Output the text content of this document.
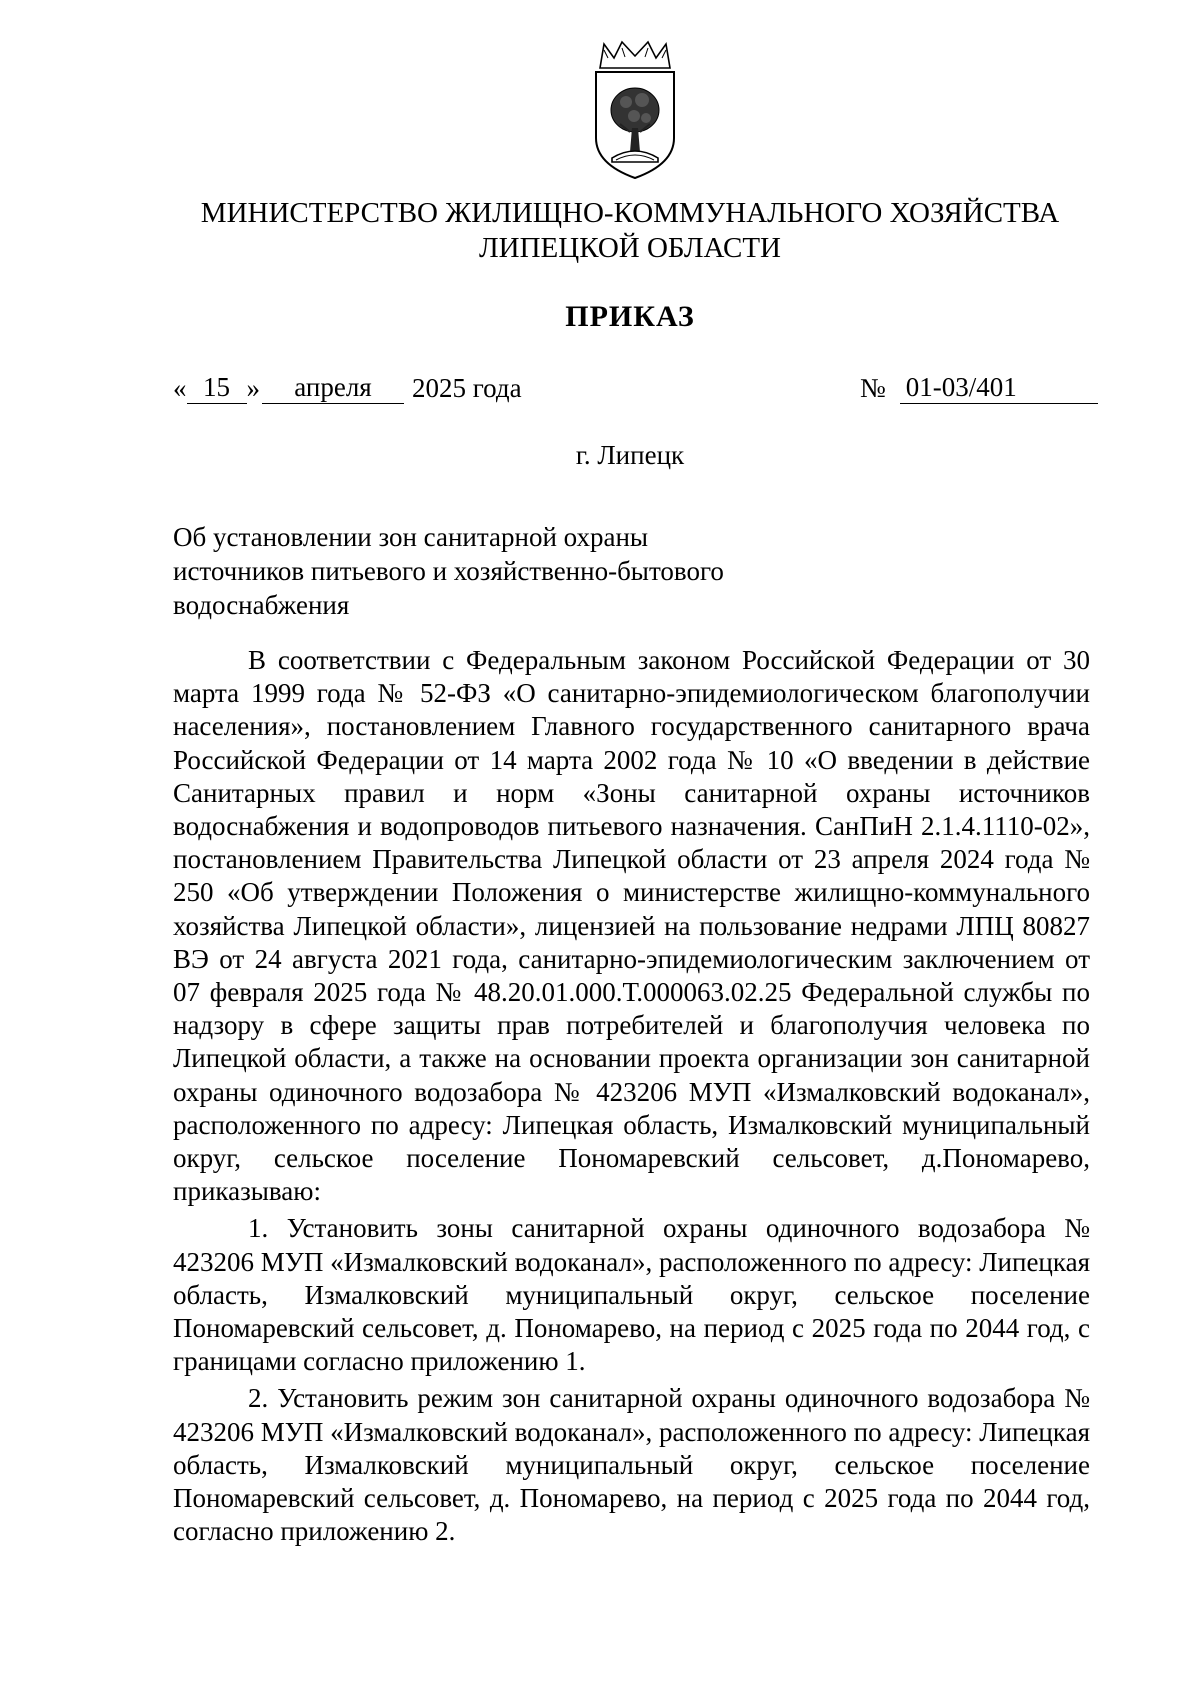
МИНИСТЕРСТВО ЖИЛИЩНО-КОММУНАЛЬНОГО ХОЗЯЙСТВА
ЛИПЕЦКОЙ ОБЛАСТИ
ПРИКАЗ
« 15 »	апреля	2025 года	№ 01-03/401
г. Липецк
Об установлении зон санитарной охраны
источников питьевого и хозяйственно-бытового
водоснабжения

В соответствии с Федеральным законом Российской Федерации от 30 марта 1999 года № 52-ФЗ «О санитарно-эпидемиологическом благополучии населения», постановлением Главного государственного санитарного врача Российской Федерации от 14 марта 2002 года № 10 «О введении в действие Санитарных правил и норм «Зоны санитарной охраны источников водоснабжения и водопроводов питьевого назначения. СанПиН 2.1.4.1110-02», постановлением Правительства Липецкой области от 23 апреля 2024 года № 250 «Об утверждении Положения о министерстве жилищно-коммунального хозяйства Липецкой области», лицензией на пользование недрами ЛПЦ 80827 ВЭ от 24 августа 2021 года, санитарно-эпидемиологическим заключением от 07 февраля 2025 года № 48.20.01.000.Т.000063.02.25 Федеральной службы по надзору в сфере защиты прав потребителей и благополучия человека по Липецкой области, а также на основании проекта организации зон санитарной охраны одиночного водозабора № 423206 МУП «Измалковский водоканал», расположенного по адресу: Липецкая область, Измалковский муниципальный округ, сельское поселение Пономаревский сельсовет, д.Пономарево, приказываю:

1. Установить зоны санитарной охраны одиночного водозабора № 423206 МУП «Измалковский водоканал», расположенного по адресу: Липецкая область, Измалковский муниципальный округ, сельское поселение Пономаревский сельсовет, д. Пономарево, на период с 2025 года по 2044 год, с границами согласно приложению 1.

2. Установить режим зон санитарной охраны одиночного водозабора № 423206 МУП «Измалковский водоканал», расположенного по адресу: Липецкая область, Измалковский муниципальный округ, сельское поселение Пономаревский сельсовет, д. Пономарево, на период с 2025 года по 2044 год, согласно приложению 2.
